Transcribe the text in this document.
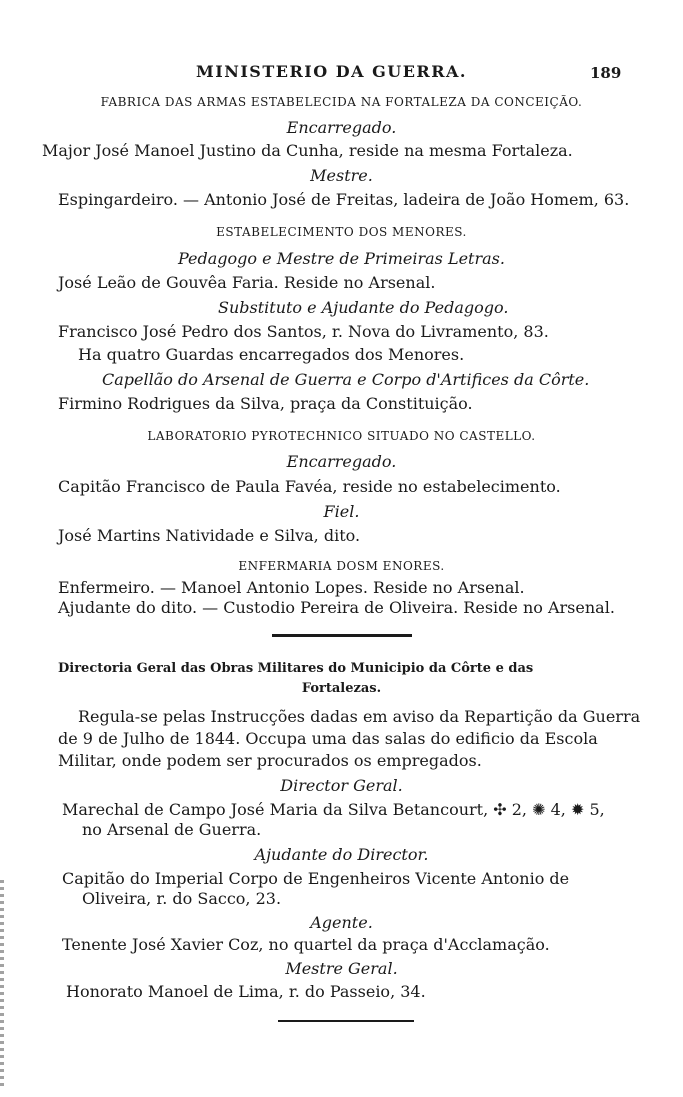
MINISTERIO DA GUERRA.	189
FABRICA DAS ARMAS ESTABELECIDA NA FORTALEZA DA CONCEIÇÃO.
Encarregado.
Major José Manoel Justino da Cunha, reside na mesma Fortaleza.
Mestre.
Espingardeiro. — Antonio José de Freitas, ladeira de João Homem, 63.
ESTABELECIMENTO DOS MENORES.
Pedagogo e Mestre de Primeiras Letras.
José Leão de Gouvêa Faria. Reside no Arsenal.
Substituto e Ajudante do Pedagogo.
Francisco José Pedro dos Santos, r. Nova do Livramento, 83.
Ha quatro Guardas encarregados dos Menores.
Capellão do Arsenal de Guerra e Corpo d'Artifices da Côrte.
Firmino Rodrigues da Silva, praça da Constituição.
LABORATORIO PYROTECHNICO SITUADO NO CASTELLO.
Encarregado.
Capitão Francisco de Paula Favéa, reside no estabelecimento.
Fiel.
José Martins Natividade e Silva, dito.
ENFERMARIA DOSM ENORES.
Enfermeiro. — Manoel Antonio Lopes. Reside no Arsenal.
Ajudante do dito. — Custodio Pereira de Oliveira. Reside no Arsenal.
Directoria Geral das Obras Militares do Municipio da Côrte e das
Fortalezas.
Regula-se pelas Instrucções dadas em aviso da Repartição da Guerra
de 9 de Julho de 1844. Occupa uma das salas do edificio da Escola
Militar, onde podem ser procurados os empregados.
Director Geral.
Marechal de Campo José Maria da Silva Betancourt, ✣ 2, ✺ 4, ✹ 5,
no Arsenal de Guerra.
Ajudante do Director.
Capitão do Imperial Corpo de Engenheiros Vicente Antonio de
Oliveira, r. do Sacco, 23.
Agente.
Tenente José Xavier Coz, no quartel da praça d'Acclamação.
Mestre Geral.
Honorato Manoel de Lima, r. do Passeio, 34.
